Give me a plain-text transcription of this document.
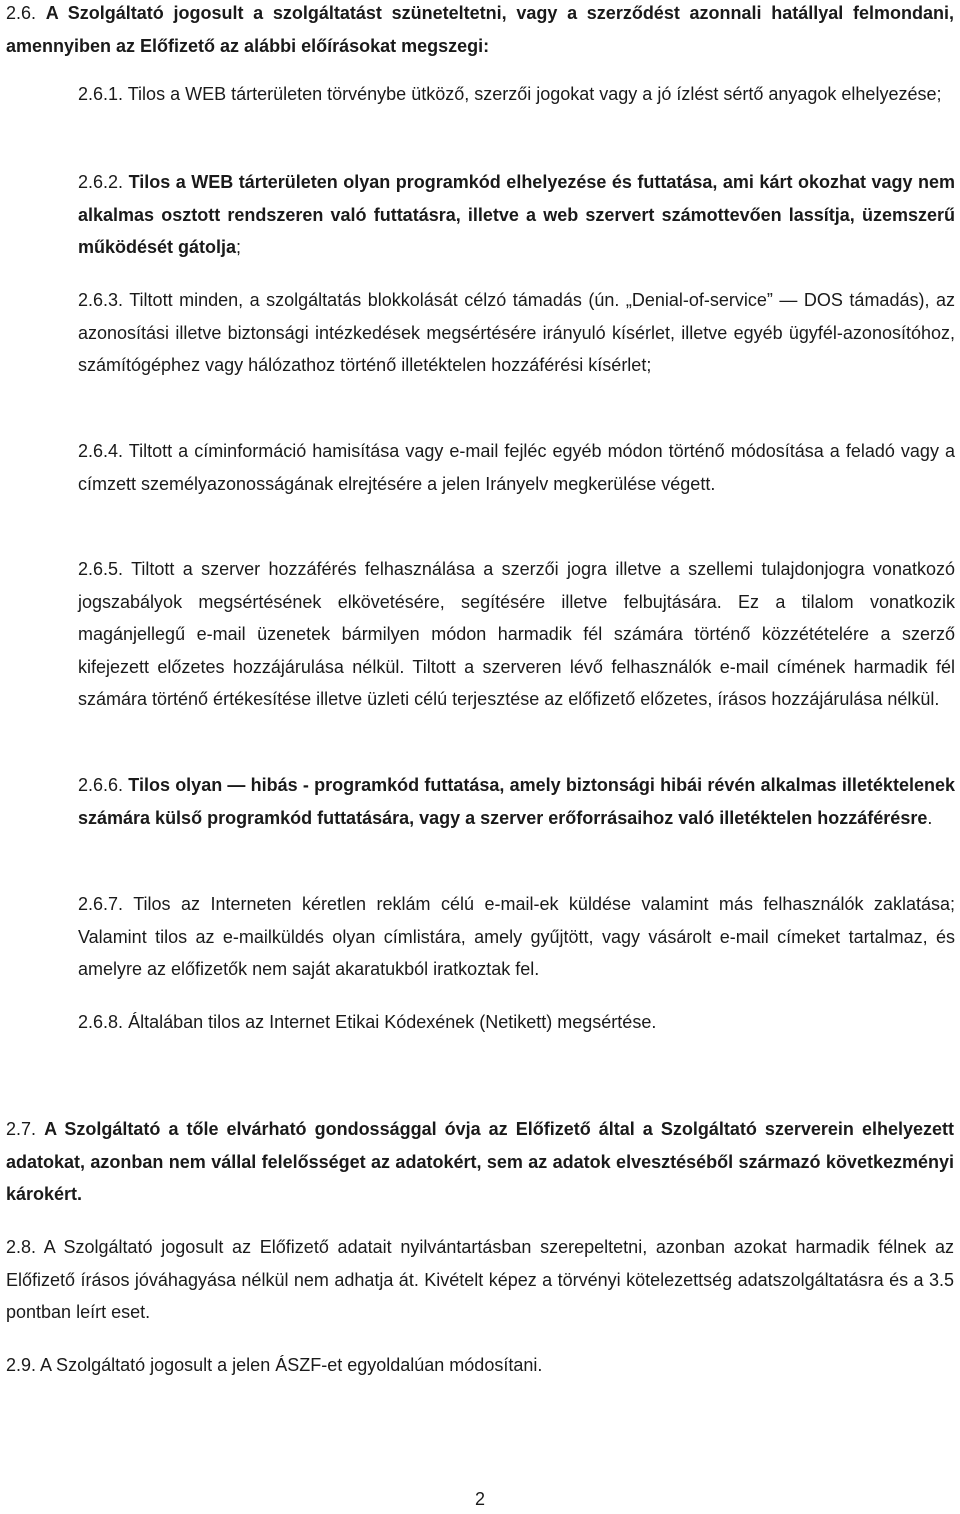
2.6. A Szolgáltató jogosult a szolgáltatást szüneteltetni, vagy a szerződést azonnali hatállyal felmondani, amennyiben az Előfizető az alábbi előírásokat megszegi:

2.6.1. Tilos a WEB tárterületen törvénybe ütköző, szerzői jogokat vagy a jó ízlést sértő anyagok elhelyezése;

2.6.2. Tilos a WEB tárterületen olyan programkód elhelyezése és futtatása, ami kárt okozhat vagy nem alkalmas osztott rendszeren való futtatásra, illetve a web szervert számottevően lassítja, üzemszerű működését gátolja;

2.6.3. Tiltott minden, a szolgáltatás blokkolását célzó támadás (ún. „Denial-of-service” — DOS támadás), az azonosítási illetve biztonsági intézkedések megsértésére irányuló kísérlet, illetve egyéb ügyfél-azonosítóhoz, számítógéphez vagy hálózathoz történő illetéktelen hozzáférési kísérlet;

2.6.4. Tiltott a címinformáció hamisítása vagy e-mail fejléc egyéb módon történő módosítása a feladó vagy a címzett személyazonosságának elrejtésére a jelen Irányelv megkerülése végett.

2.6.5. Tiltott a szerver hozzáférés felhasználása a szerzői jogra illetve a szellemi tulajdonjogra vonatkozó jogszabályok megsértésének elkövetésére, segítésére illetve felbujtására. Ez a tilalom vonatkozik magánjellegű e-mail üzenetek bármilyen módon harmadik fél számára történő közzétételére a szerző kifejezett előzetes hozzájárulása nélkül. Tiltott a szerveren lévő felhasználók e-mail címének harmadik fél számára történő értékesítése illetve üzleti célú terjesztése az előfizető előzetes, írásos hozzájárulása nélkül.

2.6.6. Tilos olyan — hibás - programkód futtatása, amely biztonsági hibái révén alkalmas illetéktelenek számára külső programkód futtatására, vagy a szerver erőforrásaihoz való illetéktelen hozzáférésre.

2.6.7. Tilos az Interneten kéretlen reklám célú e-mail-ek küldése valamint más felhasználók zaklatása; Valamint tilos az e-mailküldés olyan címlistára, amely gyűjtött, vagy vásárolt e-mail címeket tartalmaz, és amelyre az előfizetők nem saját akaratukból iratkoztak fel.

2.6.8. Általában tilos az Internet Etikai Kódexének (Netikett) megsértése.

2.7. A Szolgáltató a tőle elvárható gondossággal óvja az Előfizető által a Szolgáltató szerverein elhelyezett adatokat, azonban nem vállal felelősséget az adatokért, sem az adatok elvesztéséből származó következményi károkért.

2.8. A Szolgáltató jogosult az Előfizető adatait nyilvántartásban szerepeltetni, azonban azokat harmadik félnek az Előfizető írásos jóváhagyása nélkül nem adhatja át. Kivételt képez a törvényi kötelezettség adatszolgáltatásra és a 3.5 pontban leírt eset.

2.9. A Szolgáltató jogosult a jelen ÁSZF-et egyoldalúan módosítani.

2
